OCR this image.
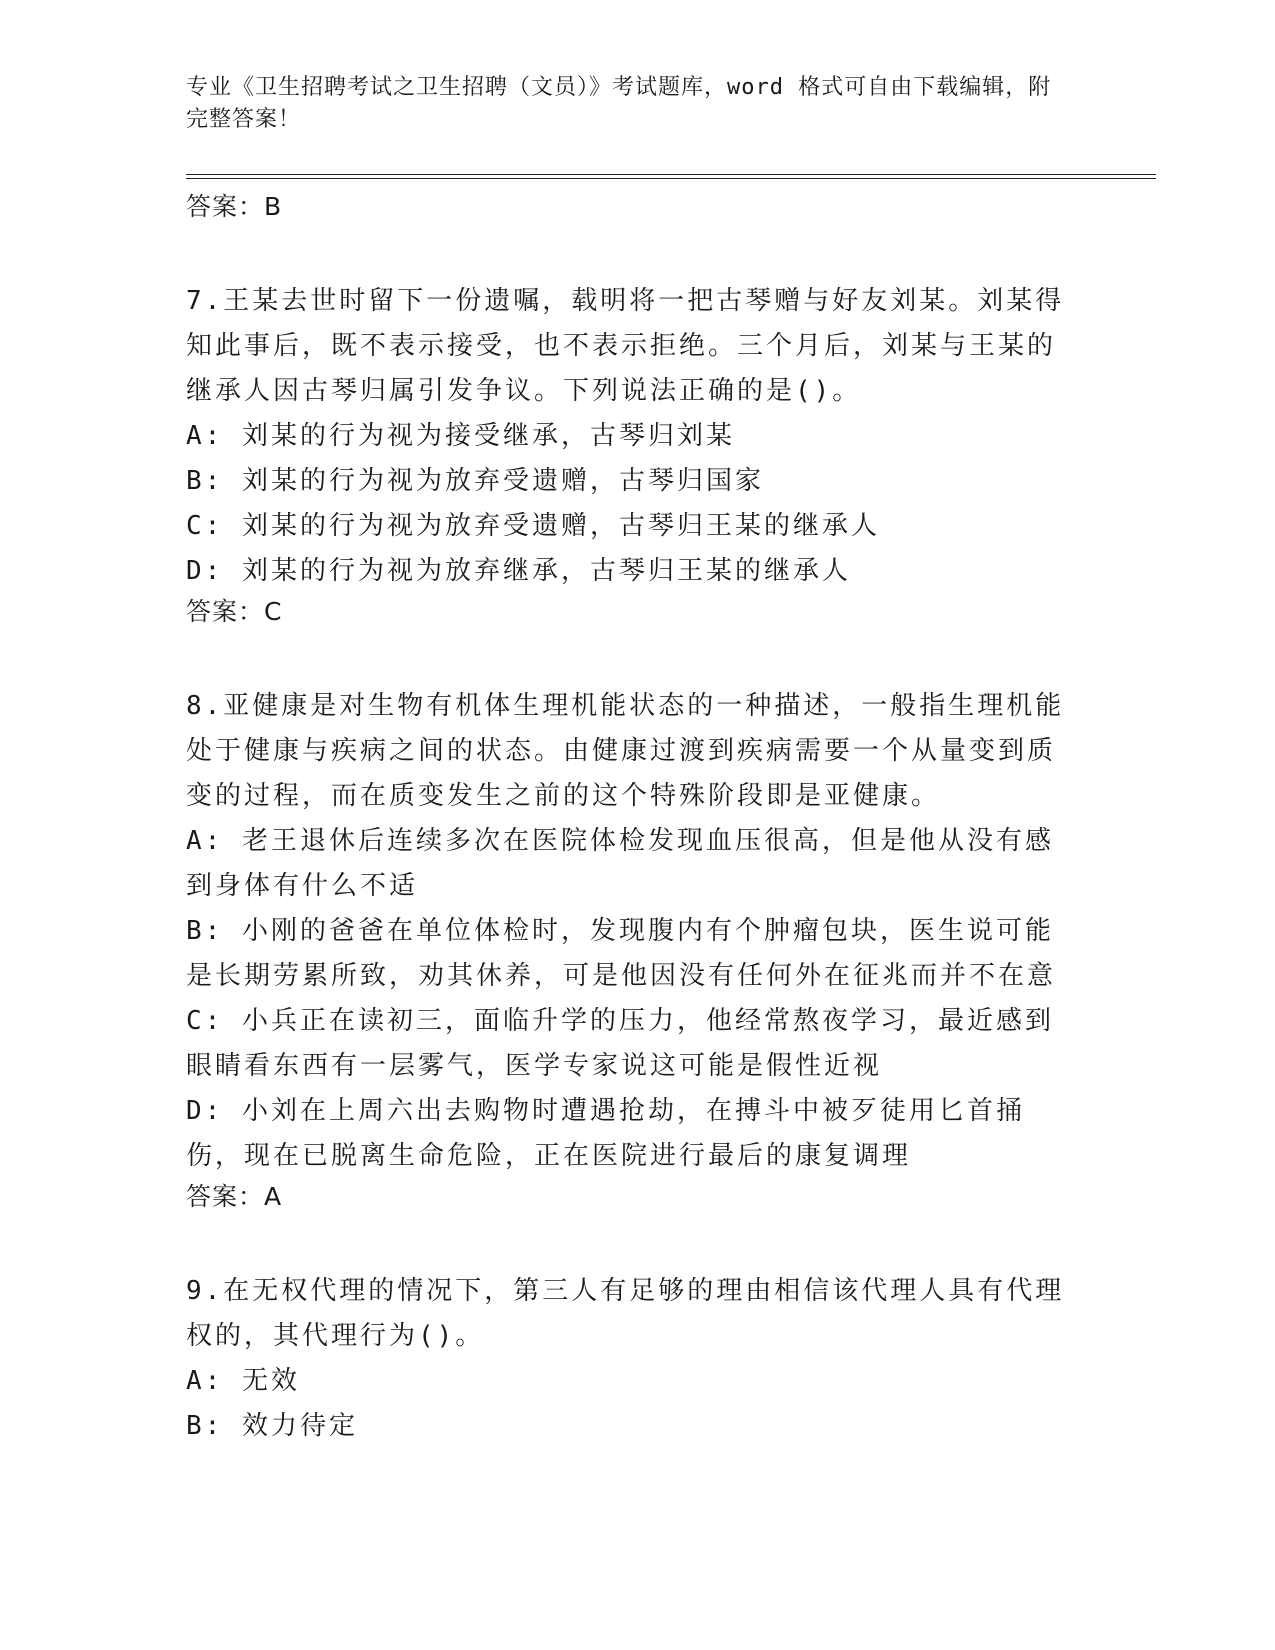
专业《卫生招聘考试之卫生招聘（文员）》考试题库，word 格式可自由下载编辑，附完整答案！
答案：B
7.王某去世时留下一份遗嘱，载明将一把古琴赠与好友刘某。刘某得知此事后，既不表示接受，也不表示拒绝。三个月后，刘某与王某的继承人因古琴归属引发争议。下列说法正确的是()。
A: 刘某的行为视为接受继承，古琴归刘某
B: 刘某的行为视为放弃受遗赠，古琴归国家
C: 刘某的行为视为放弃受遗赠，古琴归王某的继承人
D: 刘某的行为视为放弃继承，古琴归王某的继承人
答案：C
8.亚健康是对生物有机体生理机能状态的一种描述，一般指生理机能处于健康与疾病之间的状态。由健康过渡到疾病需要一个从量变到质变的过程，而在质变发生之前的这个特殊阶段即是亚健康。
A: 老王退休后连续多次在医院体检发现血压很高，但是他从没有感到身体有什么不适
B: 小刚的爸爸在单位体检时，发现腹内有个肿瘤包块，医生说可能是长期劳累所致，劝其休养，可是他因没有任何外在征兆而并不在意
C: 小兵正在读初三，面临升学的压力，他经常熬夜学习，最近感到眼睛看东西有一层雾气，医学专家说这可能是假性近视
D: 小刘在上周六出去购物时遭遇抢劫，在搏斗中被歹徒用匕首捅伤，现在已脱离生命危险，正在医院进行最后的康复调理
答案：A
9.在无权代理的情况下，第三人有足够的理由相信该代理人具有代理权的，其代理行为()。
A: 无效
B: 效力待定
